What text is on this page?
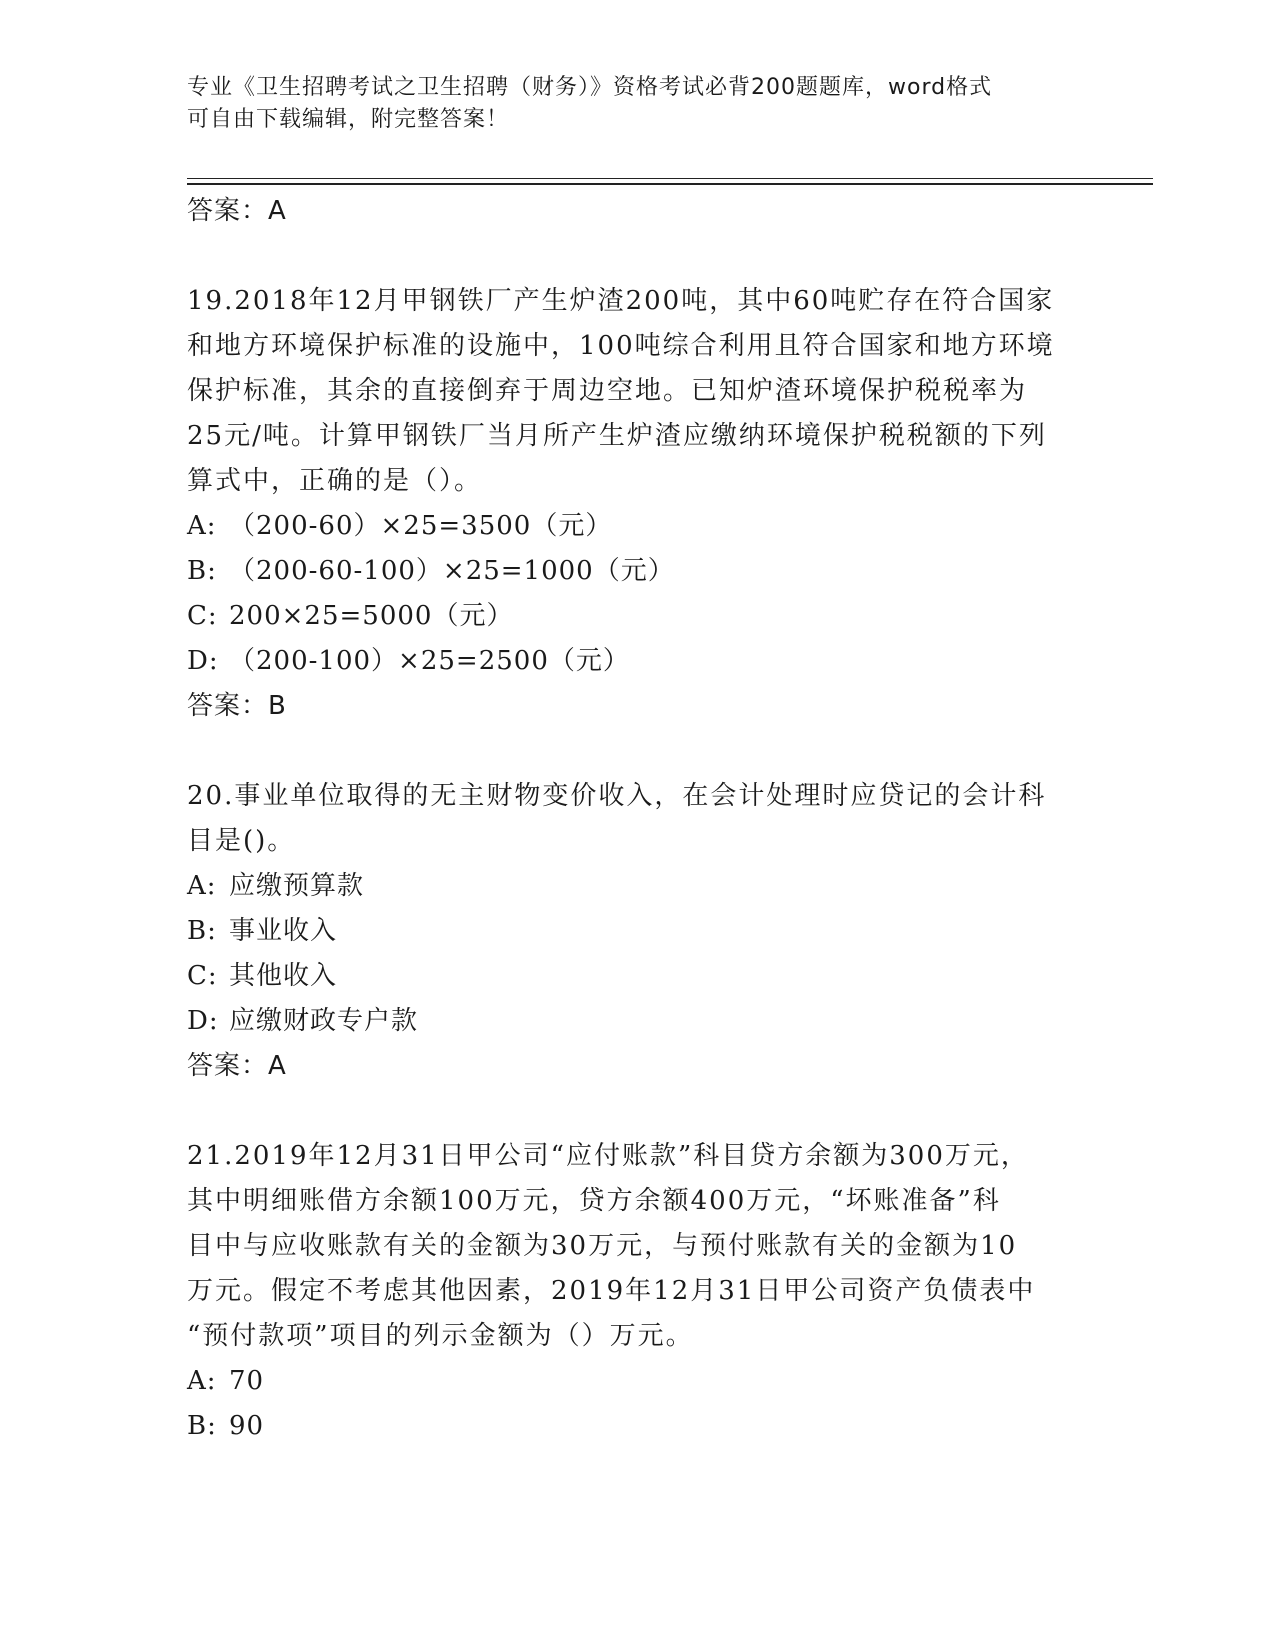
专业《卫生招聘考试之卫生招聘（财务）》资格考试必背200题题库，word格式
可自由下载编辑，附完整答案！
答案：A
19.2018年12月甲钢铁厂产生炉渣200吨，其中60吨贮存在符合国家
和地方环境保护标准的设施中，100吨综合利用且符合国家和地方环境
保护标准，其余的直接倒弃于周边空地。已知炉渣环境保护税税率为
25元/吨。计算甲钢铁厂当月所产生炉渣应缴纳环境保护税税额的下列
算式中，正确的是（）。
A: （200-60）×25=3500（元）
B: （200-60-100）×25=1000（元）
C: 200×25=5000（元）
D: （200-100）×25=2500（元）
答案：B
20.事业单位取得的无主财物变价收入，在会计处理时应贷记的会计科
目是()。
A: 应缴预算款
B: 事业收入
C: 其他收入
D: 应缴财政专户款
答案：A
21.2019年12月31日甲公司“应付账款”科目贷方余额为300万元，
其中明细账借方余额100万元，贷方余额400万元，“坏账准备”科
目中与应收账款有关的金额为30万元，与预付账款有关的金额为10
万元。假定不考虑其他因素，2019年12月31日甲公司资产负债表中
“预付款项”项目的列示金额为（）万元。
A: 70
B: 90
